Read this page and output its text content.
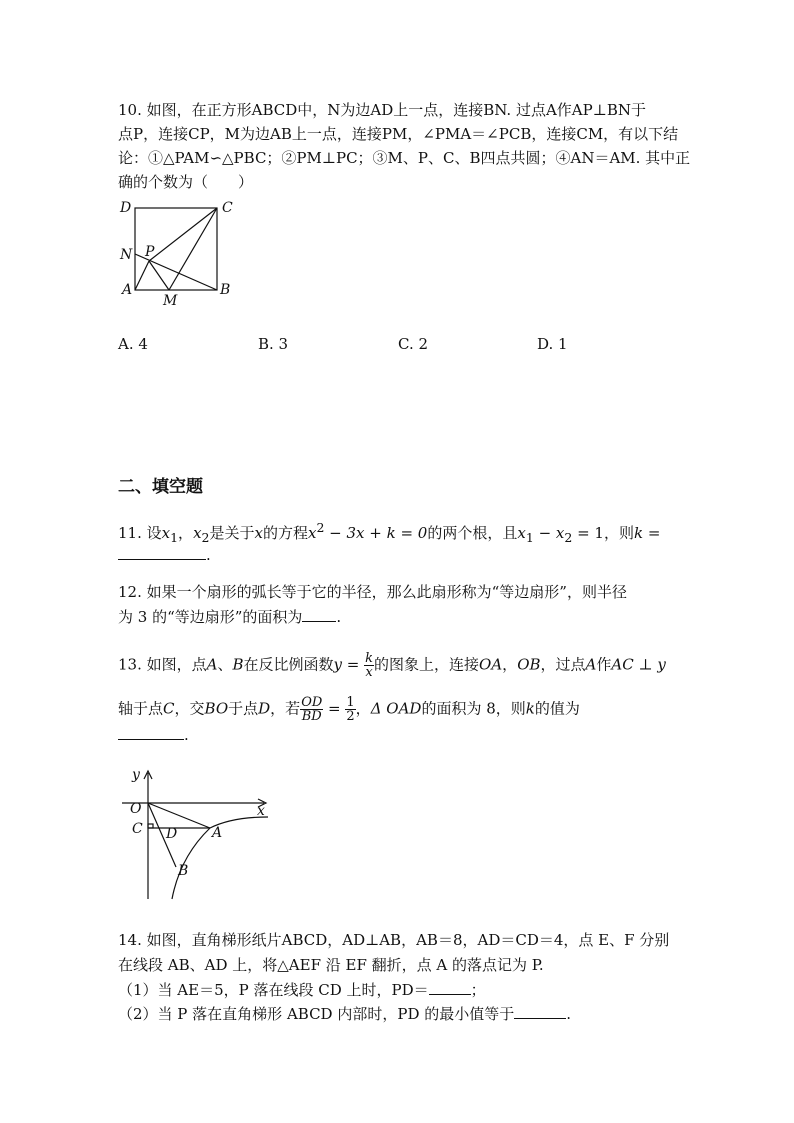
10. 如图，在正方形ABCD中，N为边AD上一点，连接BN. 过点A作AP⊥BN于
点P，连接CP，M为边AB上一点，连接PM，∠PMA＝∠PCB，连接CM，有以下结
论：①△PAM∽△PBC；②PM⊥PC；③M、P、C、B四点共圆；④AN＝AM. 其中正
确的个数为（　　）
D	C
N P
A
M
B
A. 4	B. 3	C. 2	D. 1
二、填空题
11. 设$x_1$，$x_2$是关于x的方程$x^2 - 3x + k = 0$的两个根，且$x_1 - x_2 = 1$，则k =
.
12. 如果一个扇形的弧长等于它的半径，那么此扇形称为“等边扇形”，则半径
为 3 的“等边扇形”的面积为 .
13. 如图，点A、B在反比例函数$y = \frac{k}{x}$ 的图象上，连接OA，OB，过点A作AC ⊥ y
轴于点C，交BO于点D，若 $\frac{OD}{BD} = \frac{1}{2}$ ，Δ OAD的面积为 8，则k的值为
.
y
x
O
C D A
B
14. 如图，直角梯形纸片ABCD，AD⊥AB，AB＝8，AD＝CD＝4，点 E、F 分别
在线段 AB、AD 上，将△AEF 沿 EF 翻折，点 A 的落点记为 P.
（1）当 AE＝5，P 落在线段 CD 上时，PD＝	；
（2）当 P 落在直角梯形 ABCD 内部时，PD 的最小值等于	.
